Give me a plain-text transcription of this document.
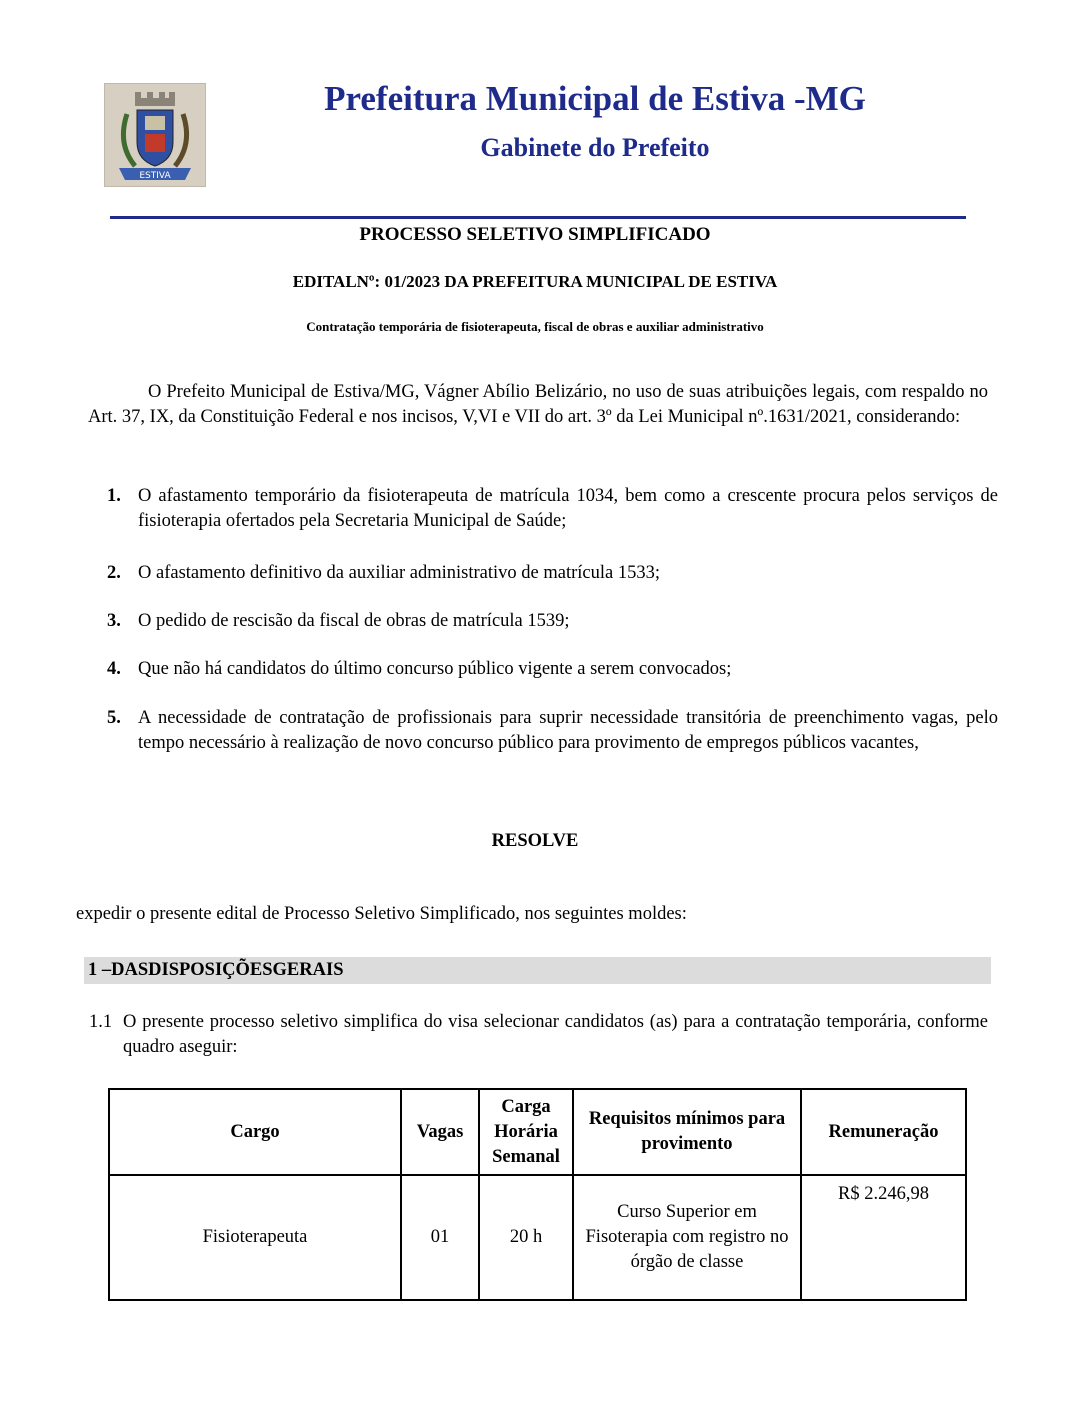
ESTIVA
Prefeitura Municipal de Estiva -MG
Gabinete do Prefeito
PROCESSO SELETIVO SIMPLIFICADO
EDITALNº: 01/2023 DA PREFEITURA MUNICIPAL DE ESTIVA
Contratação temporária de fisioterapeuta, fiscal de obras e auxiliar administrativo
O Prefeito Municipal de Estiva/MG, Vágner Abílio Belizário, no uso de suas atribuições legais, com respaldo no Art. 37, IX, da Constituição Federal e nos incisos, V,VI e VII do art. 3º da Lei Municipal nº.1631/2021, considerando:
1. O afastamento temporário da fisioterapeuta de matrícula 1034, bem como a crescente procura pelos serviços de fisioterapia ofertados pela Secretaria Municipal de Saúde;
2. O afastamento definitivo da auxiliar administrativo de matrícula 1533;
3. O pedido de rescisão da fiscal de obras de matrícula 1539;
4. Que não há candidatos do último concurso público vigente a serem convocados;
5. A necessidade de contratação de profissionais para suprir necessidade transitória de preenchimento vagas, pelo tempo necessário à realização de novo concurso público para provimento de empregos públicos vacantes,
RESOLVE
expedir o presente edital de Processo Seletivo Simplificado, nos seguintes moldes:
1 –DASDISPOSIÇÕESGERAIS
1.1 O presente processo seletivo simplifica do visa selecionar candidatos (as) para a contratação temporária, conforme quadro aseguir:
Cargo	Vagas	Carga Horária Semanal	Requisitos mínimos para provimento	Remuneração
Fisioterapeuta	01	20 h	Curso Superior em Fisoterapia com registro no órgão de classe	R$ 2.246,98
